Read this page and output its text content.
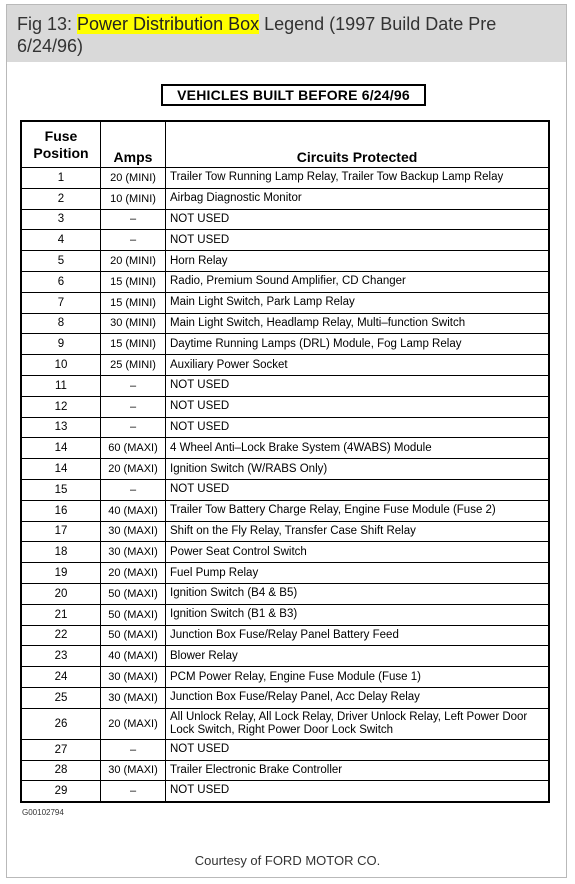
Fig 13: Power Distribution Box Legend (1997 Build Date Pre 6/24/96)
VEHICLES BUILT BEFORE 6/24/96
Fuse
Position	Amps	Circuits Protected
1	20 (MINI)	Trailer Tow Running Lamp Relay, Trailer Tow Backup Lamp Relay
2	10 (MINI)	Airbag Diagnostic Monitor
3	–	NOT USED
4	–	NOT USED
5	20 (MINI)	Horn Relay
6	15 (MINI)	Radio, Premium Sound Amplifier, CD Changer
7	15 (MINI)	Main Light Switch, Park Lamp Relay
8	30 (MINI)	Main Light Switch, Headlamp Relay, Multi–function Switch
9	15 (MINI)	Daytime Running Lamps (DRL) Module, Fog Lamp Relay
10	25 (MINI)	Auxiliary Power Socket
11	–	NOT USED
12	–	NOT USED
13	–	NOT USED
14	60 (MAXI)	4 Wheel Anti–Lock Brake System (4WABS) Module
14	20 (MAXI)	Ignition Switch (W/RABS Only)
15	–	NOT USED
16	40 (MAXI)	Trailer Tow Battery Charge Relay, Engine Fuse Module (Fuse 2)
17	30 (MAXI)	Shift on the Fly Relay, Transfer Case Shift Relay
18	30 (MAXI)	Power Seat Control Switch
19	20 (MAXI)	Fuel Pump Relay
20	50 (MAXI)	Ignition Switch (B4 & B5)
21	50 (MAXI)	Ignition Switch (B1 & B3)
22	50 (MAXI)	Junction Box Fuse/Relay Panel Battery Feed
23	40 (MAXI)	Blower Relay
24	30 (MAXI)	PCM Power Relay, Engine Fuse Module (Fuse 1)
25	30 (MAXI)	Junction Box Fuse/Relay Panel, Acc Delay Relay
26	20 (MAXI)	All Unlock Relay, All Lock Relay, Driver Unlock Relay, Left Power Door Lock Switch, Right Power Door Lock Switch
27	–	NOT USED
28	30 (MAXI)	Trailer Electronic Brake Controller
29	–	NOT USED
G00102794
Courtesy of FORD MOTOR CO.
